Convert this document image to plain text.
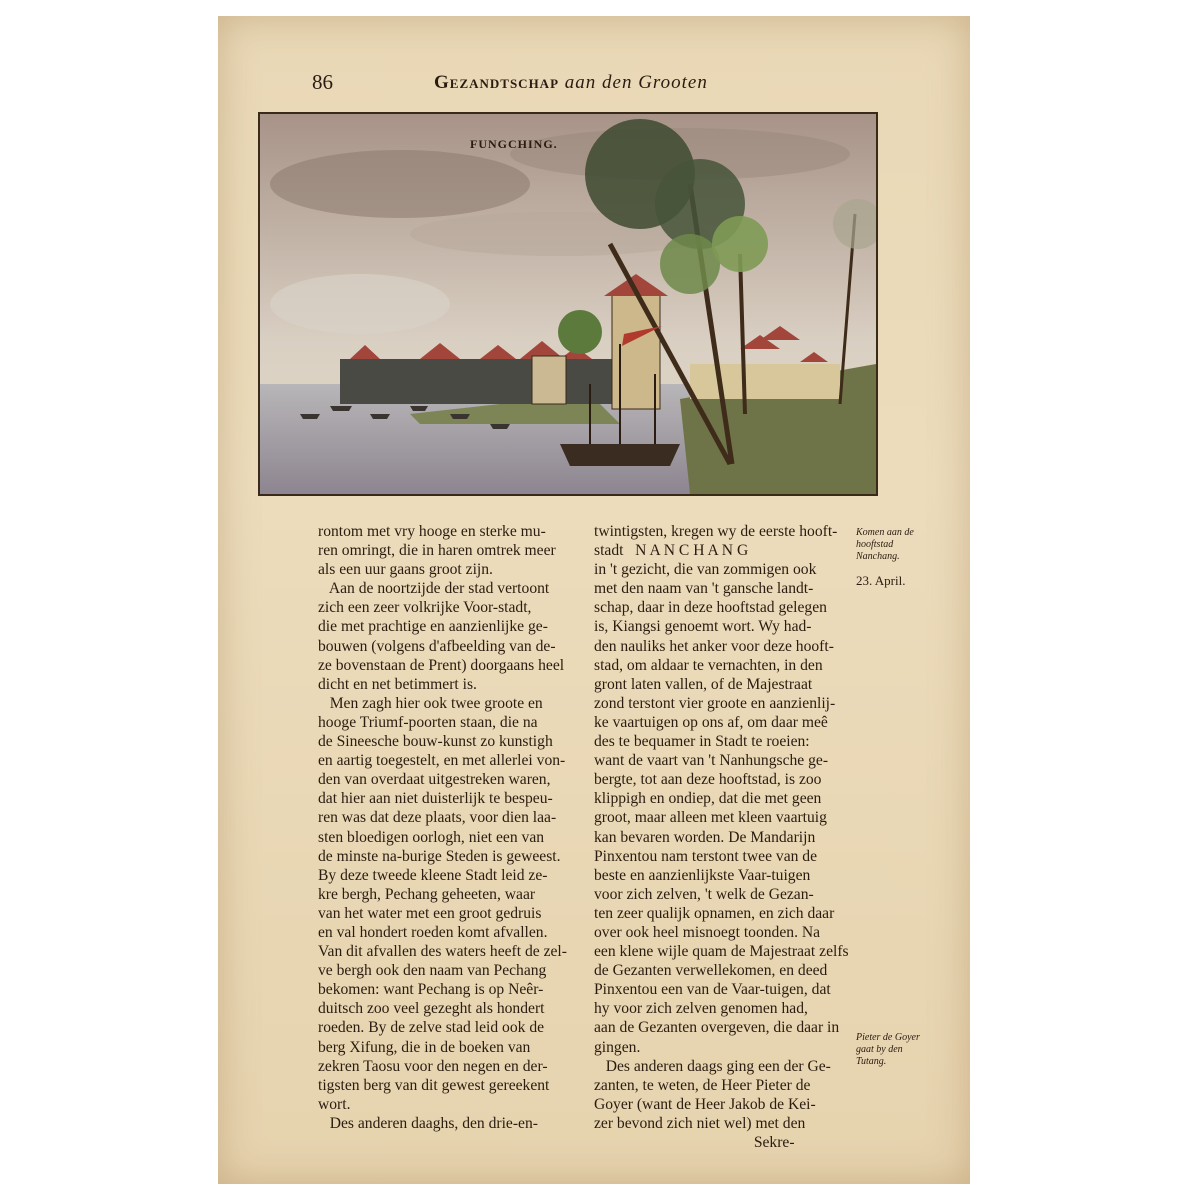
86	Gezandtschap aan den Grooten
FUNGCHING.

rontom met vry hooge en sterke mu-

ren omringt, die in haren omtrek meer

als een uur gaans groot zijn.

Aan de noortzijde der stad vertoont

zich een zeer volkrijke Voor-stadt,

die met prachtige en aanzienlijke ge-

bouwen (volgens d'afbeelding van de-

ze bovenstaan de Prent) doorgaans heel

dicht en net betimmert is.

Men zagh hier ook twee groote en

hooge Triumf-poorten staan, die na

de Sineesche bouw-kunst zo kunstigh

en aartig toegestelt, en met allerlei von-

den van overdaat uitgestreken waren,

dat hier aan niet duisterlijk te bespeu-

ren was dat deze plaats, voor dien laa-

sten bloedigen oorlogh, niet een van

de minste na-burige Steden is geweest.

By deze tweede kleene Stadt leid ze-

kre bergh, Pechang geheeten, waar

van het water met een groot gedruis

en val hondert roeden komt afvallen.

Van dit afvallen des waters heeft de zel-

ve bergh ook den naam van Pechang

bekomen: want Pechang is op Neêr-

duitsch zoo veel gezeght als hondert

roeden. By de zelve stad leid ook de

berg Xifung, die in de boeken van

zekren Taosu voor den negen en der-

tigsten berg van dit gewest gereekent

wort.

Des anderen daaghs, den drie-en-

twintigsten, kregen wy de eerste hooft-

stadt   N A N C H A N G

in 't gezicht, die van zommigen ook

met den naam van 't gansche landt-

schap, daar in deze hooftstad gelegen

is, Kiangsi genoemt wort. Wy had-

den nauliks het anker voor deze hooft-

stad, om aldaar te vernachten, in den

gront laten vallen, of de Majestraat

zond terstont vier groote en aanzienlij-

ke vaartuigen op ons af, om daar meê

des te bequamer in Stadt te roeien:

want de vaart van 't Nanhungsche ge-

bergte, tot aan deze hooftstad, is zoo

klippigh en ondiep, dat die met geen

groot, maar alleen met kleen vaartuig

kan bevaren worden. De Mandarijn

Pinxentou nam terstont twee van de

beste en aanzienlijkste Vaar-tuigen

voor zich zelven, 't welk de Gezan-

ten zeer qualijk opnamen, en zich daar

over ook heel misnoegt toonden. Na

een klene wijle quam de Majestraat zelfs

de Gezanten verwellekomen, en deed

Pinxentou een van de Vaar-tuigen, dat

hy voor zich zelven genomen had,

aan de Gezanten overgeven, die daar in

gingen.

Des anderen daags ging een der Ge-

zanten, te weten, de Heer Pieter de

Goyer (want de Heer Jakob de Kei-

zer bevond zich niet wel) met den

Sekre-

Komen aan de hooftstad Nanchang.
23. April.
Pieter de Goyer gaat by den Tutang.
